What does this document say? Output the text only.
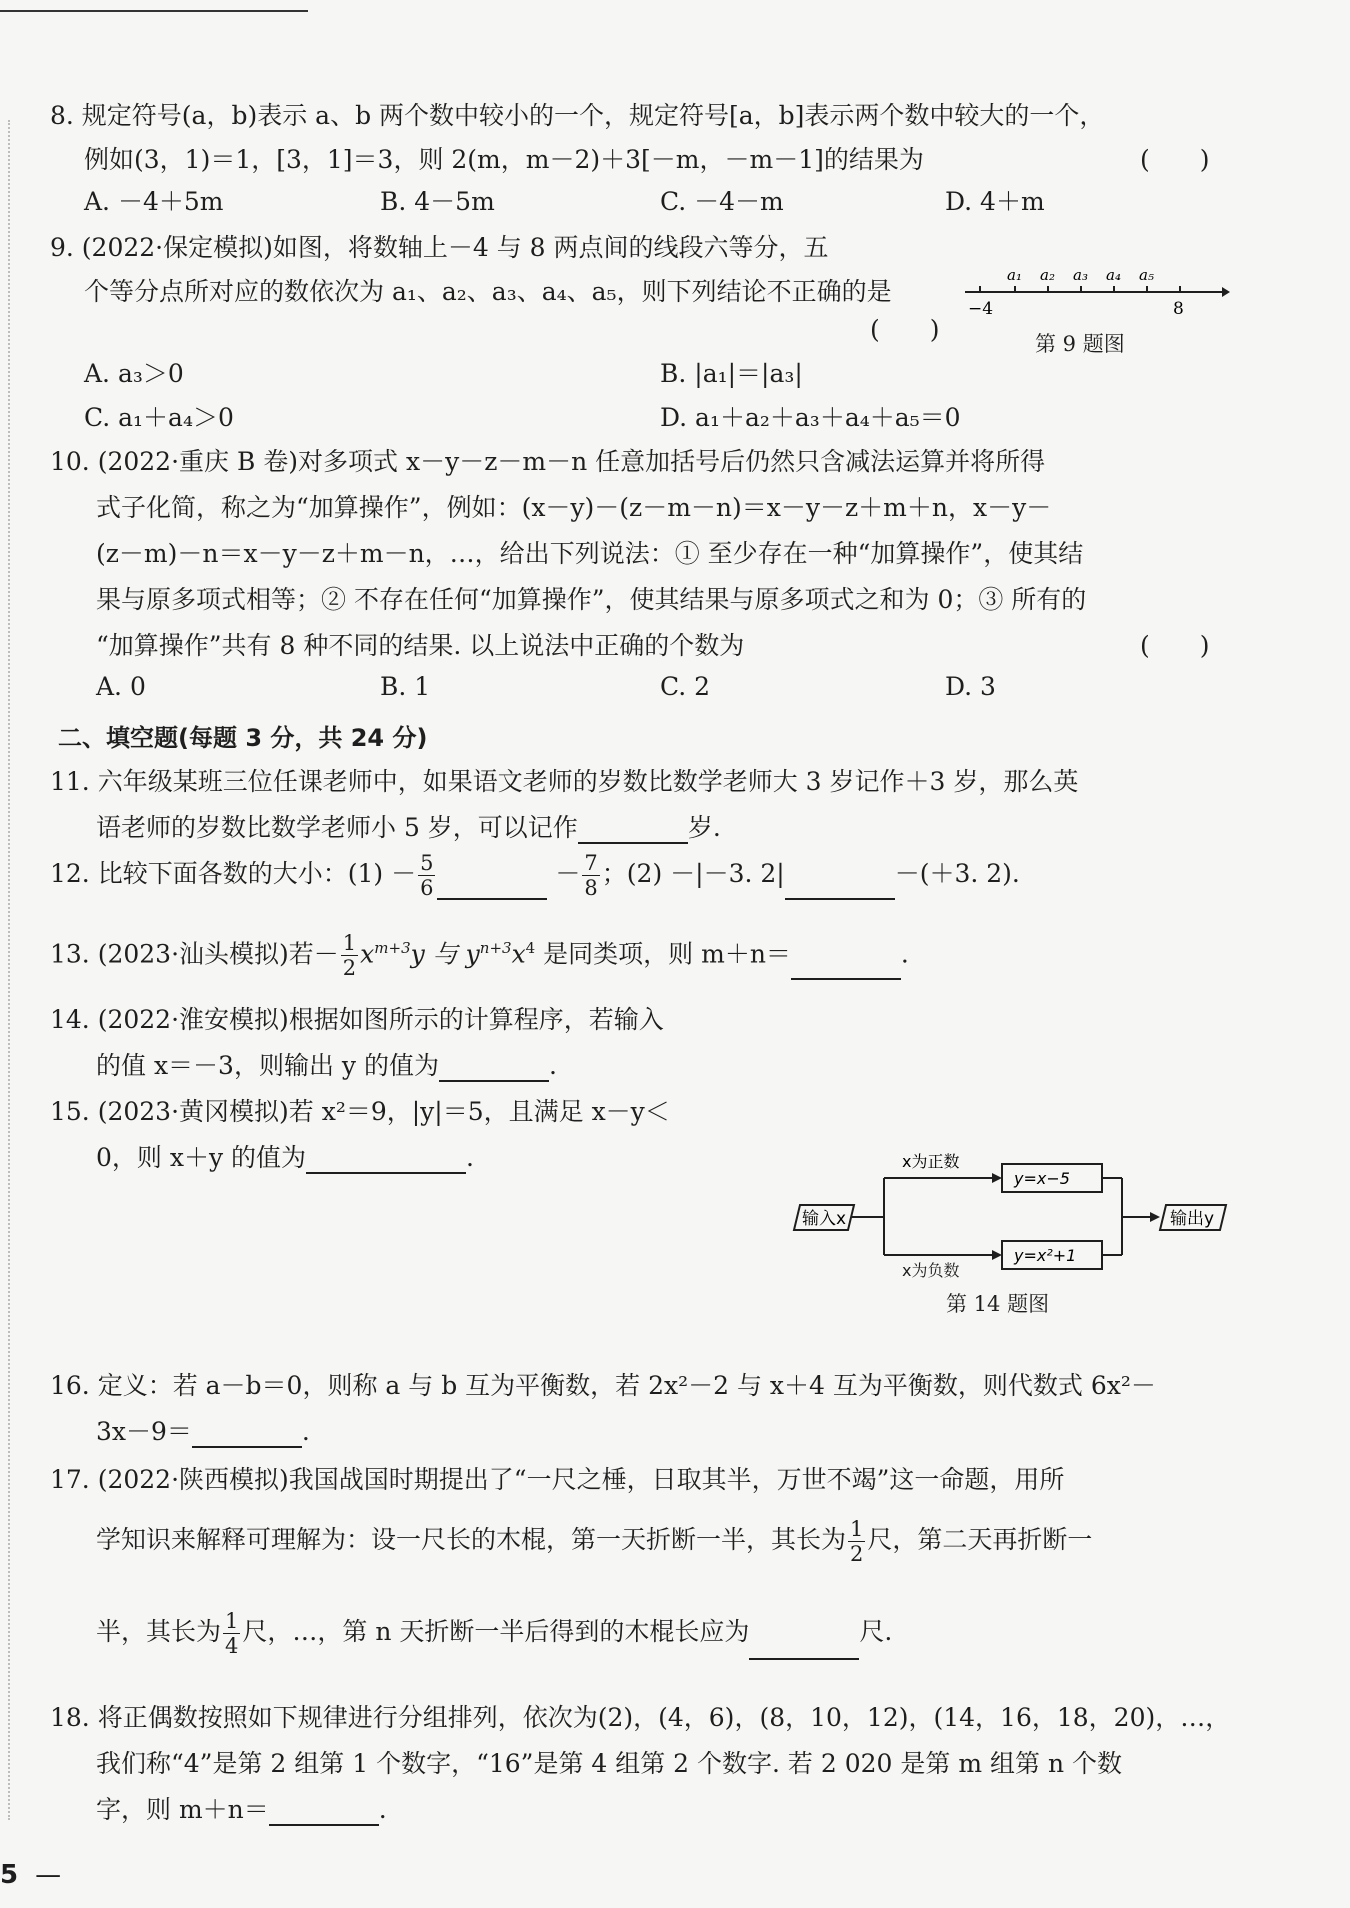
8. 规定符号(a，b)表示 a、b 两个数中较小的一个，规定符号[a，b]表示两个数中较大的一个，
例如(3，1)＝1，[3，1]＝3，则 2(m，m－2)＋3[－m，－m－1]的结果为	(　　)
A. －4＋5m	B. 4－5m	C. －4－m	D. 4＋m
9. (2022·保定模拟)如图，将数轴上－4 与 8 两点间的线段六等分，五
个等分点所对应的数依次为 a₁、a₂、a₃、a₄、a₅，则下列结论不正确的是
(　　)
a₁ a₂ a₃ a₄ a₅
−4	8
第 9 题图
A. a₃＞0	B. |a₁|＝|a₃|
C. a₁＋a₄＞0	D. a₁＋a₂＋a₃＋a₄＋a₅＝0
10. (2022·重庆 B 卷)对多项式 x－y－z－m－n 任意加括号后仍然只含减法运算并将所得
式子化简，称之为“加算操作”，例如：(x－y)－(z－m－n)＝x－y－z＋m＋n，x－y－
(z－m)－n＝x－y－z＋m－n，…，给出下列说法：① 至少存在一种“加算操作”，使其结
果与原多项式相等；② 不存在任何“加算操作”，使其结果与原多项式之和为 0；③ 所有的
“加算操作”共有 8 种不同的结果. 以上说法中正确的个数为	(　　)
A. 0	B. 1	C. 2	D. 3
二、填空题(每题 3 分，共 24 分)
11. 六年级某班三位任课老师中，如果语文老师的岁数比数学老师大 3 岁记作＋3 岁，那么英
语老师的岁数比数学老师小 5 岁，可以记作	岁.
12. 比较下面各数的大小：$(1) - \frac{5}{6}$	－ $\frac{7}{8}$ ；(2) －|－3. 2|	－(＋3. 2).
13. (2023·汕头模拟)若－ $\frac{1}{2} x^{m+3}y$ 与 $y^{n+3}x^4$ 是同类项，则 m＋n＝	.
14. (2022·淮安模拟)根据如图所示的计算程序，若输入
的值 x＝－3，则输出 y 的值为	.
输入x
x为正数
y=x−5
y=x²+1
输出y
x为负数
第 14 题图
15. (2023·黄冈模拟)若 x²＝9，|y|＝5，且满足 x－y＜
0，则 x＋y 的值为	.
16. 定义：若 a－b＝0，则称 a 与 b 互为平衡数，若 2x²－2 与 x＋4 互为平衡数，则代数式 6x²－
3x－9＝	.
17. (2022·陕西模拟)我国战国时期提出了“一尺之棰，日取其半，万世不竭”这一命题，用所
学知识来解释可理解为：设一尺长的木棍，第一天折断一半，其长为 $\frac{1}{2}$ 尺，第二天再折断一
半，其长为 $\frac{1}{4}$ 尺，…，第 n 天折断一半后得到的木棍长应为	尺.
18. 将正偶数按照如下规律进行分组排列，依次为(2)，(4，6)，(8，10，12)，(14，16，18，20)，…，
我们称“4”是第 2 组第 1 个数字，“16”是第 4 组第 2 个数字. 若 2 020 是第 m 组第 n 个数
字，则 m＋n＝	.
5 —
